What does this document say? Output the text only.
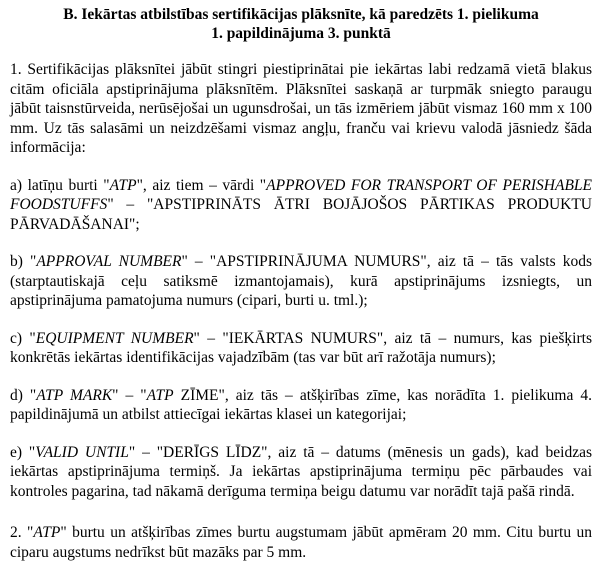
B. Iekārtas atbilstības sertifikācijas plāksnīte, kā paredzēts 1. pielikuma
1. papildinājuma 3. punktā

1. Sertifikācijas plāksnītei jābūt stingri piestiprinātai pie iekārtas labi redzamā vietā blakus citām oficiāla apstiprinājuma plāksnītēm. Plāksnītei saskaņā ar turpmāk sniegto paraugu jābūt taisnstūrveida, nerūsējošai un ugunsdrošai, un tās izmēriem jābūt vismaz 160 mm x 100 mm. Uz tās salasāmi un neizdzēšami vismaz angļu, franču vai krievu valodā jāsniedz šāda informācija:

a) latīņu burti "ATP", aiz tiem – vārdi "APPROVED FOR TRANSPORT OF PERISHABLE FOODSTUFFS" – "APSTIPRINĀTS ĀTRI BOJĀJOŠOS PĀRTIKAS PRODUKTU PĀRVADĀŠANAI";

b) "APPROVAL NUMBER" – "APSTIPRINĀJUMA NUMURS", aiz tā – tās valsts kods (starptautiskajā ceļu satiksmē izmantojamais), kurā apstiprinājums izsniegts, un apstiprinājuma pamatojuma numurs (cipari, burti u. tml.);

c) "EQUIPMENT NUMBER" – "IEKĀRTAS NUMURS", aiz tā – numurs, kas piešķirts konkrētās iekārtas identifikācijas vajadzībām (tas var būt arī ražotāja numurs);

d) "ATP MARK" – "ATP ZĪME", aiz tās – atšķirības zīme, kas norādīta 1. pielikuma 4. papildinājumā un atbilst attiecīgai iekārtas klasei un kategorijai;

e) "VALID UNTIL" – "DERĪGS LĪDZ", aiz tā – datums (mēnesis un gads), kad beidzas iekārtas apstiprinājuma termiņš. Ja iekārtas apstiprinājuma termiņu pēc pārbaudes vai kontroles pagarina, tad nākamā derīguma termiņa beigu datumu var norādīt tajā pašā rindā.

2. "ATP" burtu un atšķirības zīmes burtu augstumam jābūt apmēram 20 mm. Citu burtu un ciparu augstums nedrīkst būt mazāks par 5 mm.
